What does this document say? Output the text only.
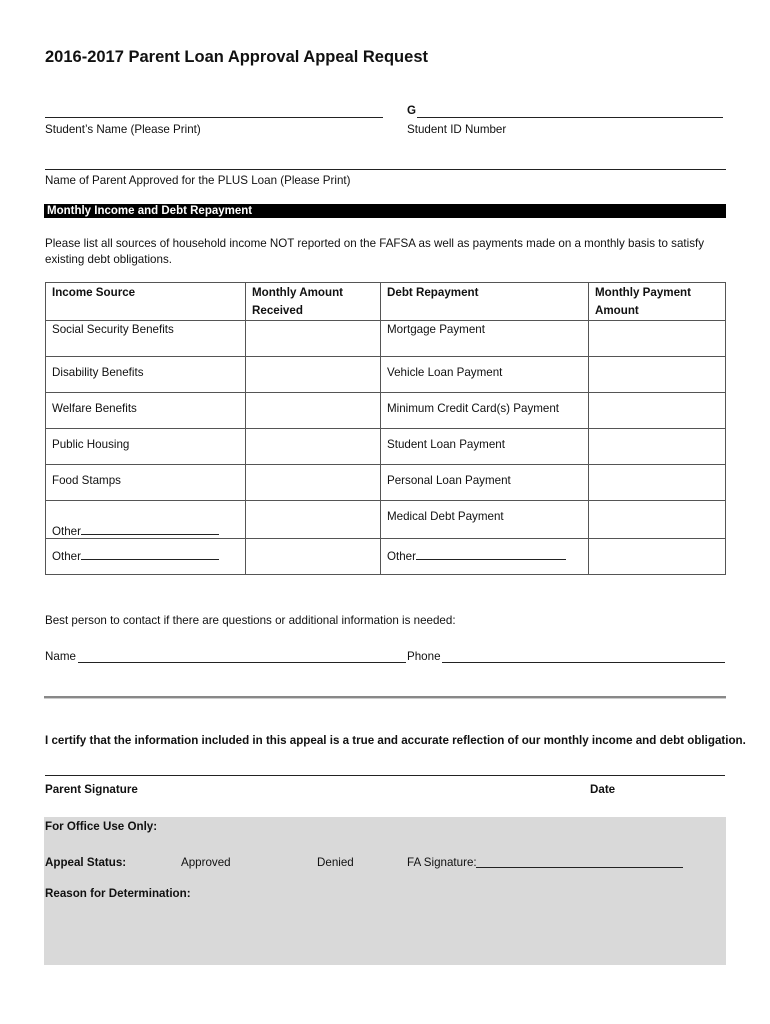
2016-2017 Parent Loan Approval Appeal Request
G
Student’s Name (Please Print)	Student ID Number
Name of Parent Approved for the PLUS Loan (Please Print)
Monthly Income and Debt Repayment
Please list all sources of household income NOT reported on the FAFSA as well as payments made on a monthly basis to satisfy existing debt obligations.
Income Source	Monthly Amount Received	Debt Repayment	Monthly Payment Amount
Social Security Benefits		Mortgage Payment	
Disability Benefits		Vehicle Loan Payment	
Welfare Benefits		Minimum Credit Card(s) Payment	
Public Housing		Student Loan Payment	
Food Stamps		Personal Loan Payment	
Other		Medical Debt Payment	
Other		Other	
Best person to contact if there are questions or additional information is needed:
Name	Phone
I certify that the information included in this appeal is a true and accurate reflection of our monthly income and debt obligation.
Parent Signature	Date
For Office Use Only:
Appeal Status:	Approved	Denied	FA Signature:
Reason for Determination:
